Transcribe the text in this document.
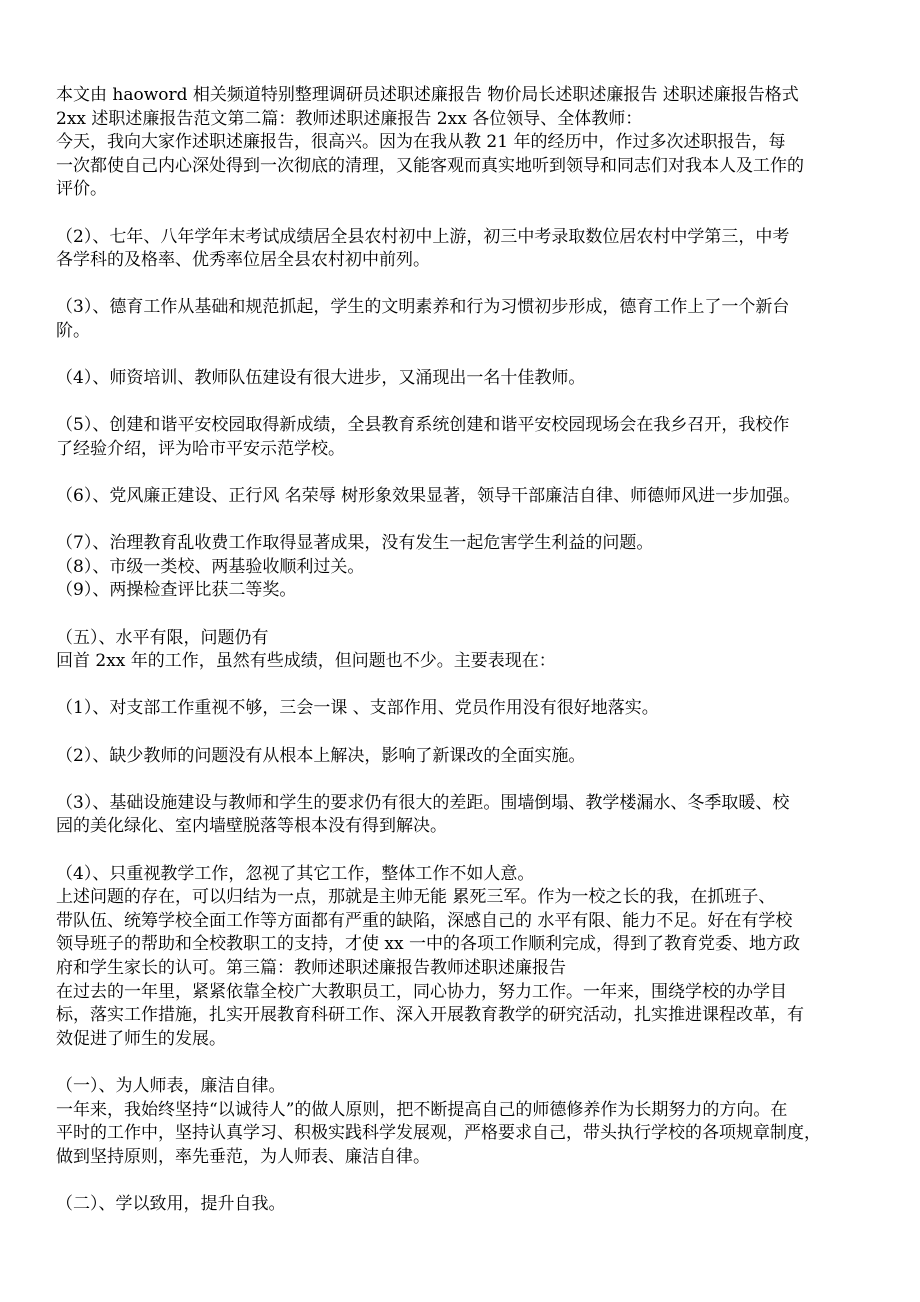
本文由 haoword 相关频道特别整理调研员述职述廉报告 物价局长述职述廉报告 述职述廉报告格式

2xx 述职述廉报告范文第二篇：教师述职述廉报告 2xx 各位领导、全体教师：

今天，我向大家作述职述廉报告，很高兴。因为在我从教 21 年的经历中，作过多次述职报告，每

一次都使自己内心深处得到一次彻底的清理，又能客观而真实地听到领导和同志们对我本人及工作的

评价。

（2）、七年、八年学年末考试成绩居全县农村初中上游，初三中考录取数位居农村中学第三，中考

各学科的及格率、优秀率位居全县农村初中前列。

（3）、德育工作从基础和规范抓起，学生的文明素养和行为习惯初步形成，德育工作上了一个新台

阶。

（4）、师资培训、教师队伍建设有很大进步，又涌现出一名十佳教师。

（5）、创建和谐平安校园取得新成绩，全县教育系统创建和谐平安校园现场会在我乡召开，我校作

了经验介绍，评为哈市平安示范学校。

（6）、党风廉正建设、正行风 名荣辱 树形象效果显著，领导干部廉洁自律、师德师风进一步加强。

（7）、治理教育乱收费工作取得显著成果，没有发生一起危害学生利益的问题。

（8）、市级一类校、两基验收顺利过关。

（9）、两操检查评比获二等奖。

（五）、水平有限，问题仍有

回首 2xx 年的工作，虽然有些成绩，但问题也不少。主要表现在：

（1）、对支部工作重视不够，三会一课 、支部作用、党员作用没有很好地落实。

（2）、缺少教师的问题没有从根本上解决，影响了新课改的全面实施。

（3）、基础设施建设与教师和学生的要求仍有很大的差距。围墙倒塌、教学楼漏水、冬季取暖、校

园的美化绿化、室内墙壁脱落等根本没有得到解决。

（4）、只重视教学工作，忽视了其它工作，整体工作不如人意。

上述问题的存在，可以归结为一点，那就是主帅无能 累死三军。作为一校之长的我，在抓班子、

带队伍、统筹学校全面工作等方面都有严重的缺陷，深感自己的 水平有限、能力不足。好在有学校

领导班子的帮助和全校教职工的支持，才使 xx 一中的各项工作顺利完成，得到了教育党委、地方政

府和学生家长的认可。第三篇：教师述职述廉报告教师述职述廉报告

在过去的一年里，紧紧依靠全校广大教职员工，同心协力，努力工作。一年来，围绕学校的办学目

标，落实工作措施，扎实开展教育科研工作、深入开展教育教学的研究活动，扎实推进课程改革，有

效促进了师生的发展。

（一）、为人师表，廉洁自律。

一年来，我始终坚持“以诚待人”的做人原则，把不断提高自己的师德修养作为长期努力的方向。在

平时的工作中，坚持认真学习、积极实践科学发展观，严格要求自己，带头执行学校的各项规章制度，

做到坚持原则，率先垂范，为人师表、廉洁自律。

（二）、学以致用，提升自我。
